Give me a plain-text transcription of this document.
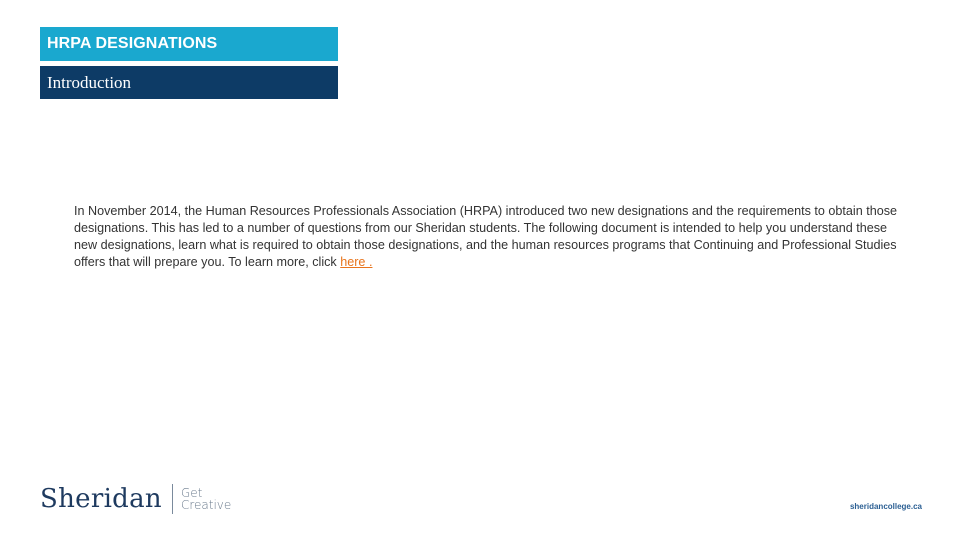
HRPA DESIGNATIONS
Introduction

In November 2014, the Human Resources Professionals Association (HRPA) introduced two new designations and the requirements to obtain those designations. This has led to a number of questions from our Sheridan students. The following document is intended to help you understand these new designations, learn what is required to obtain those designations, and the human resources programs that Continuing and Professional Studies offers that will prepare you. To learn more, click here .

Sheridan Get
Creative	sheridancollege.ca
